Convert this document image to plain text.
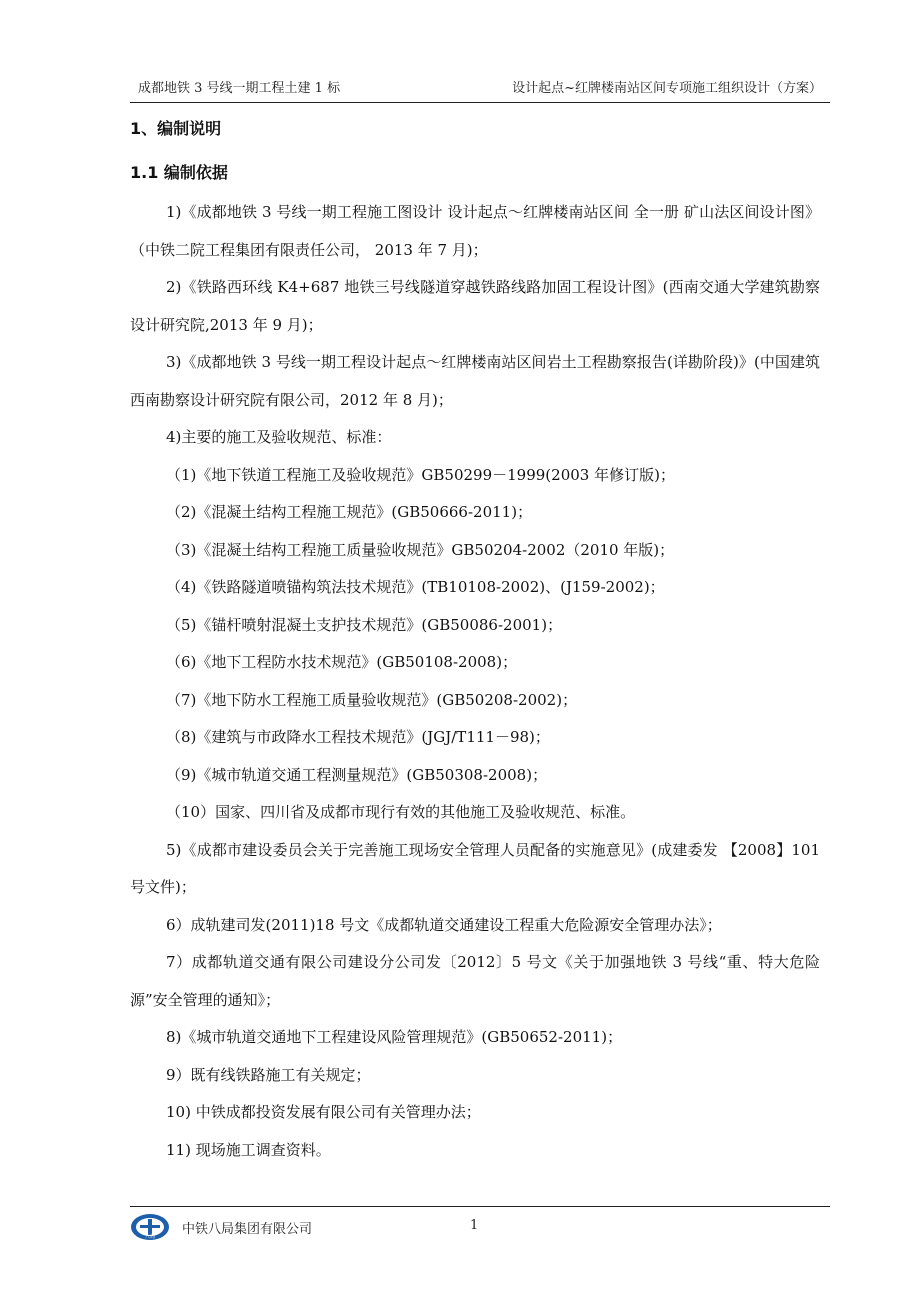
成都地铁 3 号线一期工程土建 1 标	设计起点~红牌楼南站区间专项施工组织设计（方案）
1、编制说明
1.1 编制依据

1)《成都地铁 3 号线一期工程施工图设计 设计起点～红牌楼南站区间 全一册 矿山法区间设计图》（中铁二院工程集团有限责任公司， 2013 年 7 月)；

2)《铁路西环线 K4+687 地铁三号线隧道穿越铁路线路加固工程设计图》(西南交通大学建筑勘察设计研究院,2013 年 9 月)；

3)《成都地铁 3 号线一期工程设计起点～红牌楼南站区间岩土工程勘察报告(详勘阶段)》(中国建筑西南勘察设计研究院有限公司，2012 年 8 月)；

4)主要的施工及验收规范、标准：

（1)《地下铁道工程施工及验收规范》GB50299－1999(2003 年修订版)；

（2)《混凝土结构工程施工规范》(GB50666-2011)；

（3)《混凝土结构工程施工质量验收规范》GB50204-2002（2010 年版)；

（4)《铁路隧道喷锚构筑法技术规范》(TB10108-2002)、(J159-2002)；

（5)《锚杆喷射混凝土支护技术规范》(GB50086-2001)；

（6)《地下工程防水技术规范》(GB50108-2008)；

（7)《地下防水工程施工质量验收规范》(GB50208-2002)；

（8)《建筑与市政降水工程技术规范》(JGJ/T111－98)；

（9)《城市轨道交通工程测量规范》(GB50308-2008)；

（10）国家、四川省及成都市现行有效的其他施工及验收规范、标准。

5)《成都市建设委员会关于完善施工现场安全管理人员配备的实施意见》(成建委发 【2008】101 号文件)；

6）成轨建司发(2011)18 号文《成都轨道交通建设工程重大危险源安全管理办法》；

7）成都轨道交通有限公司建设分公司发〔2012〕5 号文《关于加强地铁 3 号线“重、特大危险源”安全管理的通知》；

8)《城市轨道交通地下工程建设风险管理规范》(GB50652-2011)；

9）既有线铁路施工有关规定；

10) 中铁成都投资发展有限公司有关管理办法；

11) 现场施工调查资料。

八局 中铁八局集团有限公司	1
